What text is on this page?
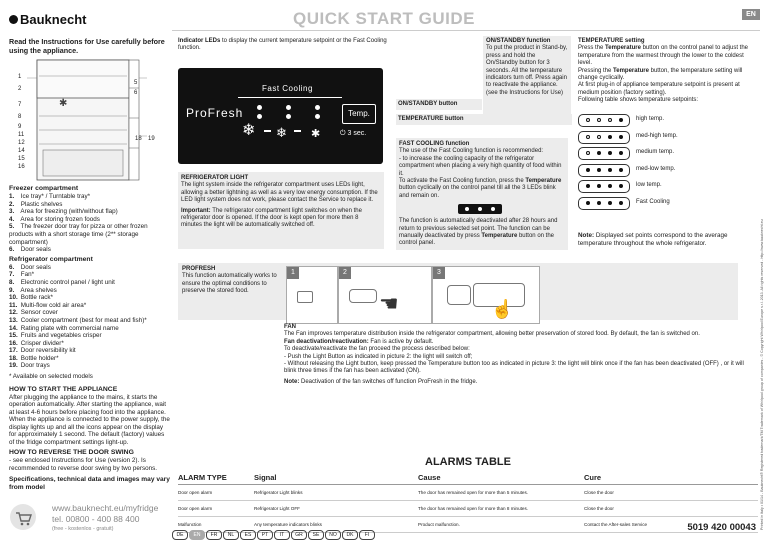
Bauknecht	QUICK START GUIDE	EN
Read the Instructions for Use carefully before using the appliance.
✱
1
2
5
6
7
8
9
11
12
14
15
16
18 19
Freezer compartment
1. Ice tray* / Turntable tray*
2. Plastic shelves
3. Area for freezing (with/without flap)
4. Area for storing frozen foods
5. The freezer door tray for pizza or other frozen products with a short storage time (2** storage compartment)
6. Door seals
Refrigerator compartment
6. Door seals
7. Fan*
8. Electronic control panel / light unit
9. Area shelves
10. Bottle rack*
11. Multi-flow cold air area*
12. Sensor cover
13. Cooler compartment (best for meat and fish)*
14. Rating plate with commercial name
15. Fruits and vegetables crisper
16. Crisper divider*
17. Door reversibility kit
18. Bottle holder*
19. Door trays
* Available on selected models
HOW TO START THE APPLIANCE
After plugging the appliance to the mains, it starts the operation automatically. After starting the appliance, wait at least 4-6 hours before placing food into the appliance. When the appliance is connected to the power supply, the display lights up and all the icons appear on the display for approximately 1 second. The default (factory) values of the fridge compartment settings light-up.
HOW TO REVERSE THE DOOR SWING
- see enclosed Instructions for Use (version 2). Is recommended to reverse door swing by two persons.
Specifications, technical data and images may vary from model
www.bauknecht.eu/myfridge
tel. 00800 - 400 88 400
(free - kostenlos - gratuit)
Indicator LEDs to display the current temperature setpoint or the Fast Cooling function.
Fast Cooling
ProFresh
❄ ❄ ✱
Temp.
⏻ 3 sec.
ON/STANDBY function
To put the product in Stand-by, press and hold the On/Standby button for 3 seconds. All the temperature indicators turn off. Press again to reactivate the appliance. (see the Instructions for Use)
ON/STANDBY button
TEMPERATURE button
TEMPERATURE setting
Press the Temperature button on the control panel to adjust the temperature from the warmest through the lower to the coldest level.
Pressing the Temperature button, the temperature setting will change cyclically.
At first plug-in of appliance temperature setpoint is present at medium position (factory setting).
Following table shows temperature setpoints:
high temp.
med-high temp.
medium temp.
med-low temp.
low temp.
Fast Cooling
Note: Displayed set points correspond to the average temperature throughout the whole refrigerator.
REFRIGERATOR LIGHT
The light system inside the refrigerator compartment uses LEDs light, allowing a better lightning as well as a very low energy consumption. If the LED light system does not work, please contact the Service to replace it.
Important: The refrigerator compartment light switches on when the refrigerator door is opened. If the door is kept open for more then 8 minutes the light will be automatically switched off.
FAST COOLING function
The use of the Fast Cooling function is recommended:
- to increase the cooling capacity of the refrigerator compartment when placing a very high quantity of food within it.
To activate the Fast Cooling function, press the Temperature button cyclically on the control panel till all the 3 LEDs blink and remain on.
The function is automatically deactivated after 28 hours and return to previous selected set point. The function can be manually deactivated by press Temperature button on the control panel.
PROFRESH
This function automatically works to ensure the optimal conditions to preserve the stored food.
1	2
☚
3
☝
FAN
The Fan improves temperature distribution inside the refrigerator compartment, allowing better preservation of stored food. By default, the fan is switched on.
Fan deactivation/reactivation: Fan is active by default.
To deactivate/reactivate the fan proceed the process described below:
- Push the Light Button as indicated in picture 2: the light will switch off;
- Without releasing the Light button, keep pressed the Temperature button too as indicated in picture 3: the light will blink once if the fan has been deactivated (OFF) , or it will blink three times if the fan has been activated (ON).
Note: Deactivation of the fan switches off function ProFresh in the fridge.
ALARMS TABLE
ALARM TYPE	Signal	Cause	Cure
Door open alarm	Refrigerator Light blinks	The door has remained open for more than 5 minutes.	Close the door
Door open alarm	Refrigerator Light OFF	The door has remained open for more than 8 minutes.	Close the door
Malfunction	Any temperature indicators blinks	Product malfunction.	Contact the After-sales Service
DE EN FR NL ES PT IT GR SE NO DK FI
5019 420 00043 Printed in Italy • 01/14 - Bauknecht® Registered trademark/TM Trademark of Whirlpool group of companies - © Copyright Whirlpool Europe s.r.l. 2013. All rights reserved - http://www.bauknecht.eu
